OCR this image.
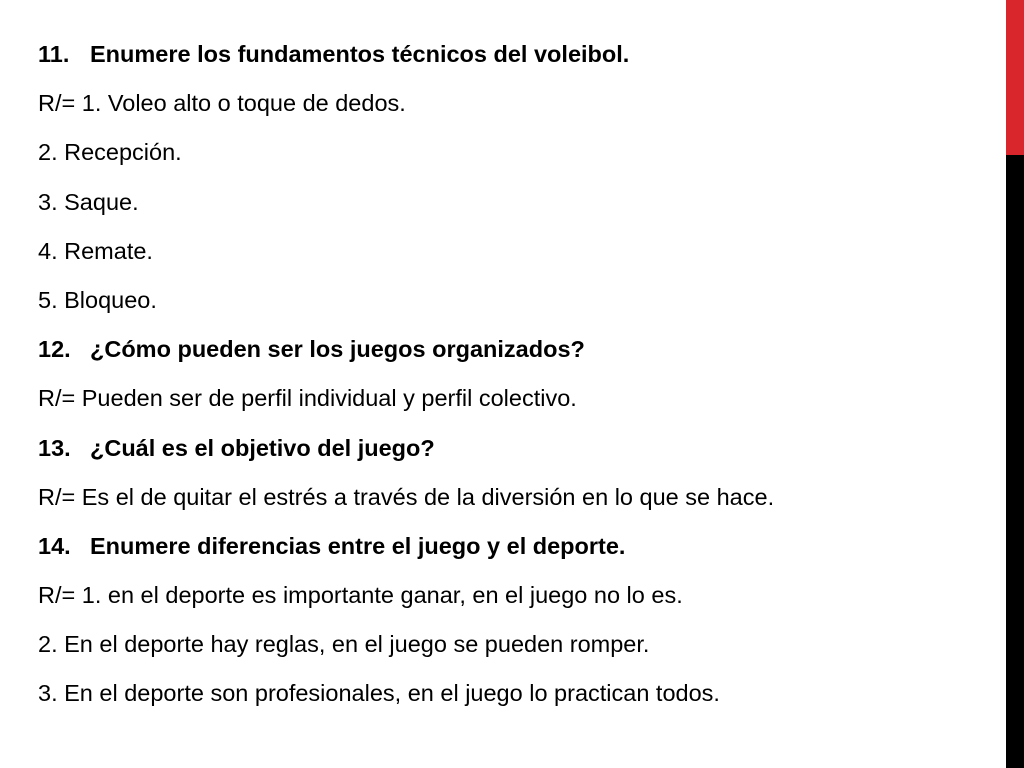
11. Enumere los fundamentos técnicos del voleibol.
R/= 1. Voleo alto o toque de dedos.
2. Recepción.
3. Saque.
4. Remate.
5. Bloqueo.
12. ¿Cómo pueden ser los juegos organizados?
R/= Pueden ser de perfil individual y perfil colectivo.
13. ¿Cuál es el objetivo del juego?
R/= Es el de quitar el estrés a través de la diversión en lo que se hace.
14. Enumere diferencias entre el juego y el deporte.
R/= 1. en el deporte es importante ganar, en el juego no lo es.
2. En el deporte hay reglas, en el juego se pueden romper.
3. En el deporte son profesionales, en el juego lo practican todos.
